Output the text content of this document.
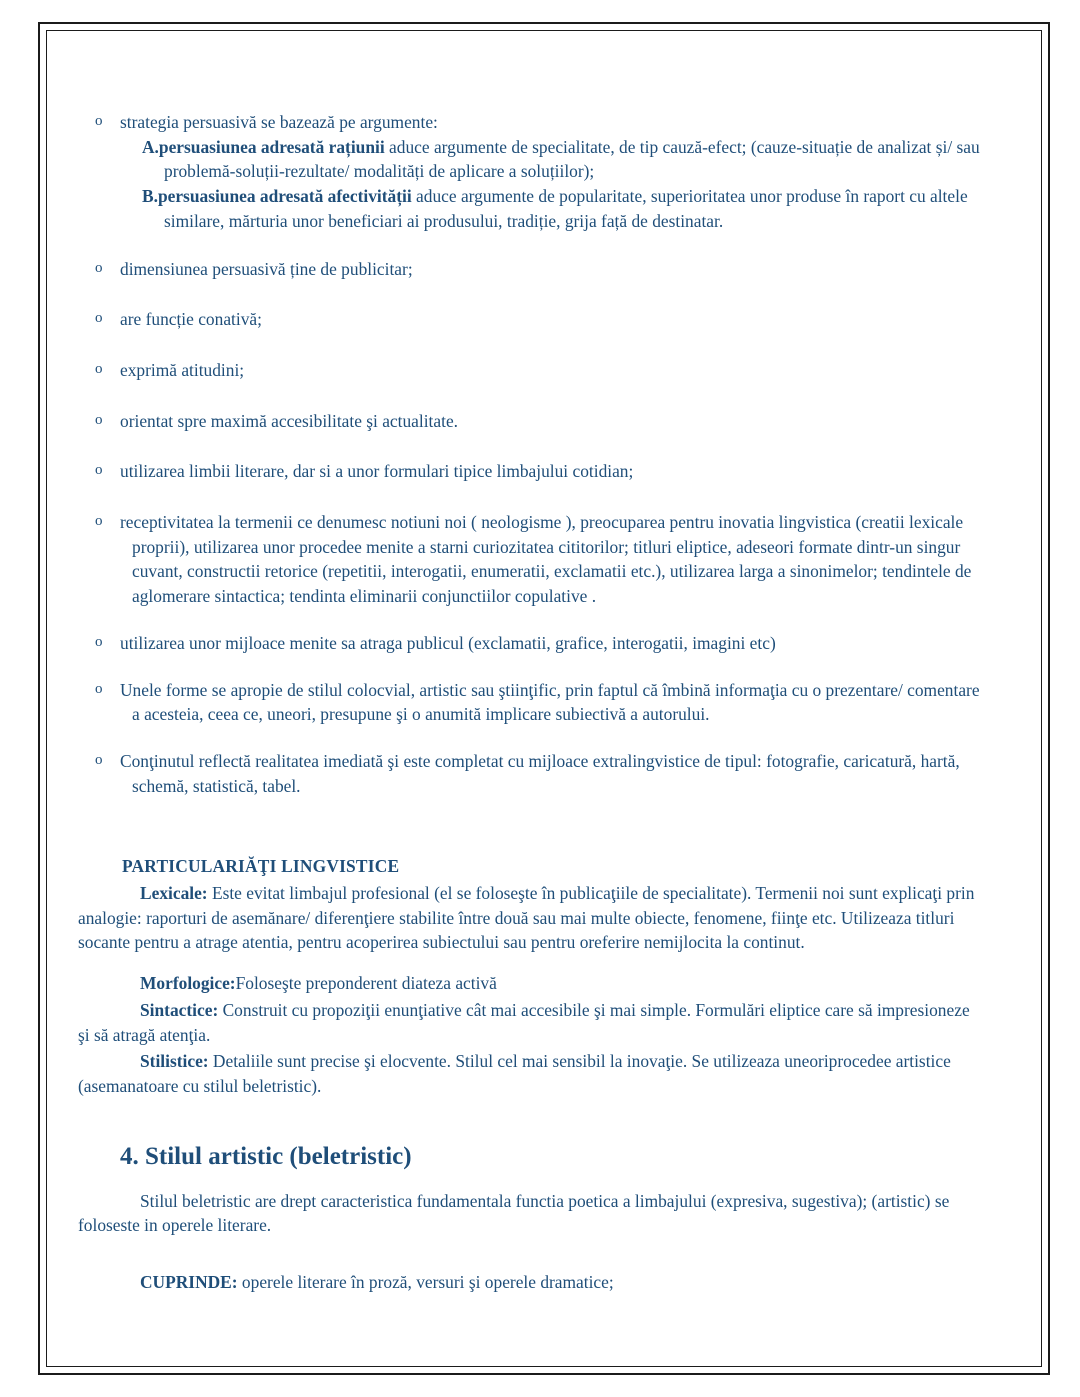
o strategia persuasivă se bazează pe argumente:
A.persuasiunea adresată rațiunii aduce argumente de specialitate, de tip cauză-efect; (cauze-situație de analizat și/ sau problemă-soluții-rezultate/ modalități de aplicare a soluțiilor);
B.persuasiunea adresată afectivității aduce argumente de popularitate, superioritatea unor produse în raport cu altele similare, mărturia unor beneficiari ai produsului, tradiție, grija față de destinatar.
o dimensiunea persuasivă ține de publicitar;
o are funcție conativă;
o exprimă atitudini;
o orientat spre maximă accesibilitate şi actualitate.
o utilizarea limbii literare, dar si a unor formulari tipice limbajului cotidian;
o receptivitatea la termenii ce denumesc notiuni noi ( neologisme ), preocuparea pentru inovatia lingvistica (creatii lexicale proprii), utilizarea unor procedee menite a starni curiozitatea cititorilor; titluri eliptice, adeseori formate dintr-un singur cuvant, constructii retorice (repetitii, interogatii, enumeratii, exclamatii etc.), utilizarea larga a sinonimelor; tendintele de aglomerare sintactica; tendinta eliminarii conjunctiilor copulative .
o utilizarea unor mijloace menite sa atraga publicul (exclamatii, grafice, interogatii, imagini etc)
o Unele forme se apropie de stilul colocvial, artistic sau ştiinţific, prin faptul că îmbină informaţia cu o prezentare/ comentare a acesteia, ceea ce, uneori, presupune şi o anumită implicare subiectivă a autorului.
o Conţinutul reflectă realitatea imediată şi este completat cu mijloace extralingvistice de tipul: fotografie, caricatură, hartă, schemă, statistică, tabel.
PARTICULARIĂŢI LINGVISTICE
Lexicale: Este evitat limbajul profesional (el se foloseşte în publicaţiile de specialitate). Termenii noi sunt explicaţi prin analogie: raporturi de asemănare/ diferenţiere stabilite între două sau mai multe obiecte, fenomene, fiinţe etc. Utilizeaza titluri socante pentru a atrage atentia, pentru acoperirea subiectului sau pentru oreferire nemijlocita la continut.
Morfologice:Foloseşte preponderent diateza activă
Sintactice: Construit cu propoziţii enunţiative cât mai accesibile şi mai simple. Formulări eliptice care să impresioneze şi să atragă atenţia.
Stilistice: Detaliile sunt precise şi elocvente. Stilul cel mai sensibil la inovaţie. Se utilizeaza uneoriprocedee artistice (asemanatoare cu stilul beletristic).
4. Stilul artistic (beletristic)
Stilul beletristic are drept caracteristica fundamentala functia poetica a limbajului (expresiva, sugestiva); (artistic) se foloseste in operele literare.
CUPRINDE: operele literare în proză, versuri şi operele dramatice;
